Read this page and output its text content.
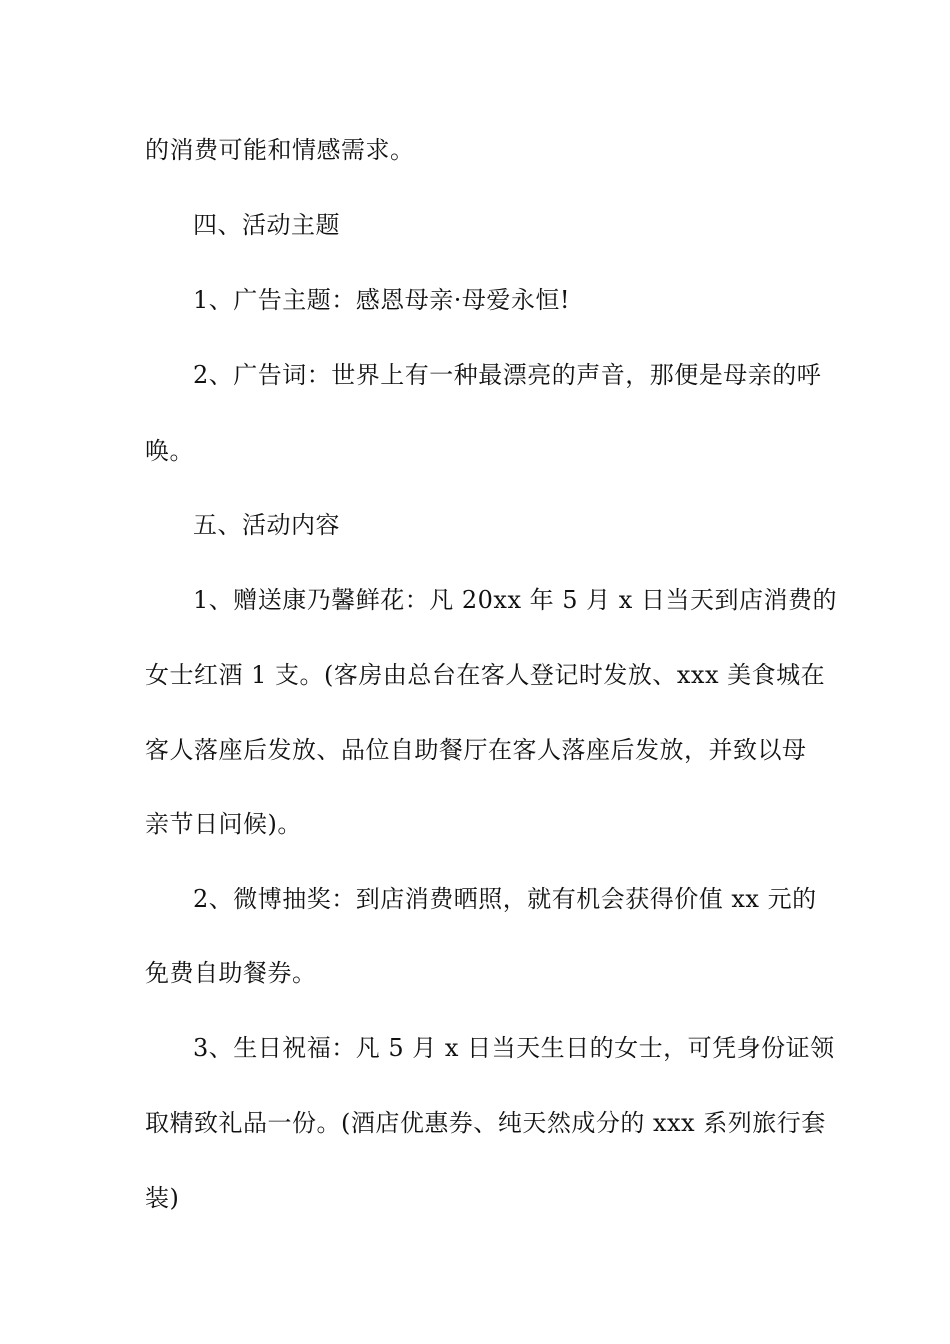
的消费可能和情感需求。

四、活动主题

1、广告主题：感恩母亲·母爱永恒!

2、广告词：世界上有一种最漂亮的声音，那便是母亲的呼

唤。

五、活动内容

1、赠送康乃馨鲜花：凡 20xx 年 5 月 x 日当天到店消费的

女士红酒 1 支。(客房由总台在客人登记时发放、xxx 美食城在

客人落座后发放、品位自助餐厅在客人落座后发放，并致以母

亲节日问候)。

2、微博抽奖：到店消费晒照，就有机会获得价值 xx 元的

免费自助餐券。

3、生日祝福：凡 5 月 x 日当天生日的女士，可凭身份证领

取精致礼品一份。(酒店优惠券、纯天然成分的 xxx 系列旅行套

装)
